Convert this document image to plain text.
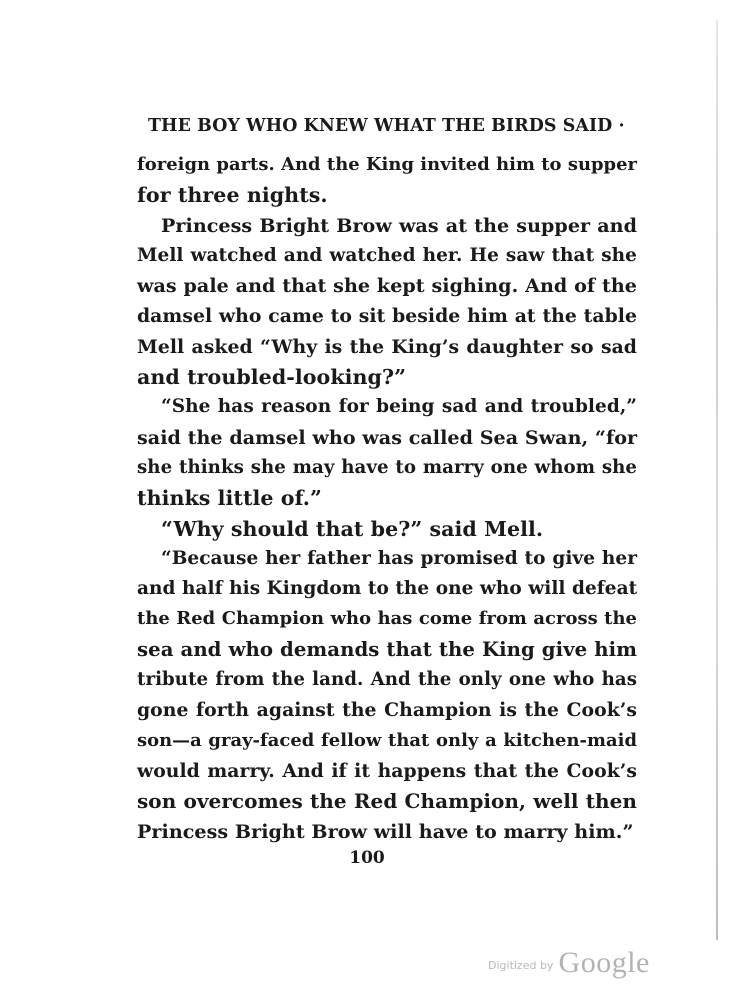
THE BOY WHO KNEW WHAT THE BIRDS SAID ·
foreign parts. And the King invited him to supper
for three nights.
Princess Bright Brow was at the supper and
Mell watched and watched her. He saw that she
was pale and that she kept sighing. And of the
damsel who came to sit beside him at the table
Mell asked “Why is the King’s daughter so sad
and troubled-looking?”
“She has reason for being sad and troubled,”
said the damsel who was called Sea Swan, “for
she thinks she may have to marry one whom she
thinks little of.”
“Why should that be?” said Mell.
“Because her father has promised to give her
and half his Kingdom to the one who will defeat
the Red Champion who has come from across the
sea and who demands that the King give him
tribute from the land. And the only one who has
gone forth against the Champion is the Cook’s
son—a gray-faced fellow that only a kitchen-maid
would marry. And if it happens that the Cook’s
son overcomes the Red Champion, well then
Princess Bright Brow will have to marry him.”
100
Digitized by Google
